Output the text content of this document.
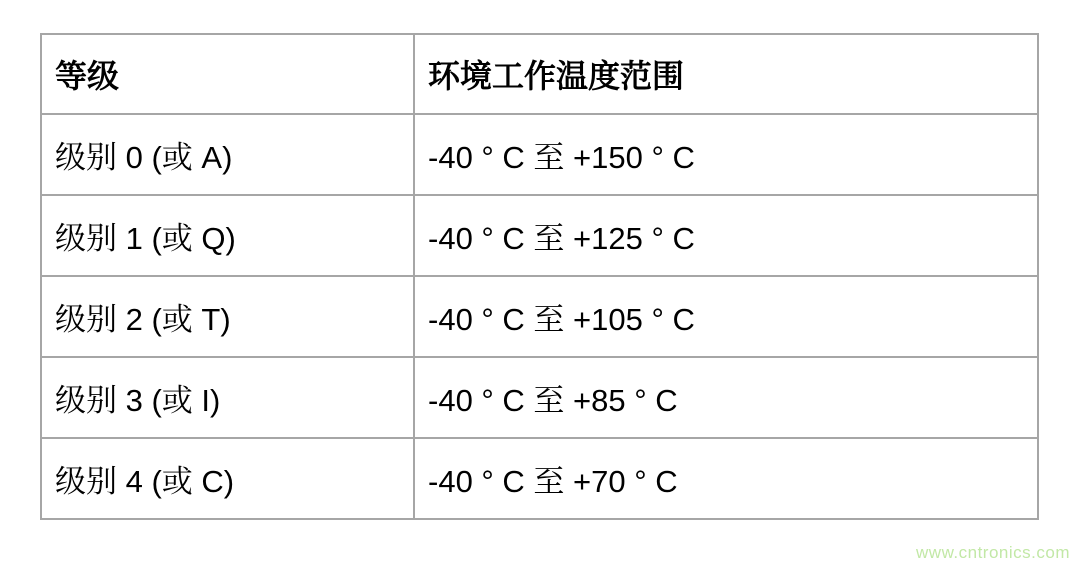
等级	环境工作温度范围
级别 0 (或 A)	-40 ° C 至 +150 ° C
级别 1 (或 Q)	-40 ° C 至 +125 ° C
级别 2 (或 T)	-40 ° C 至 +105 ° C
级别 3 (或 I)	-40 ° C 至 +85 ° C
级别 4 (或 C)	-40 ° C 至 +70 ° C
www.cntronics.com
